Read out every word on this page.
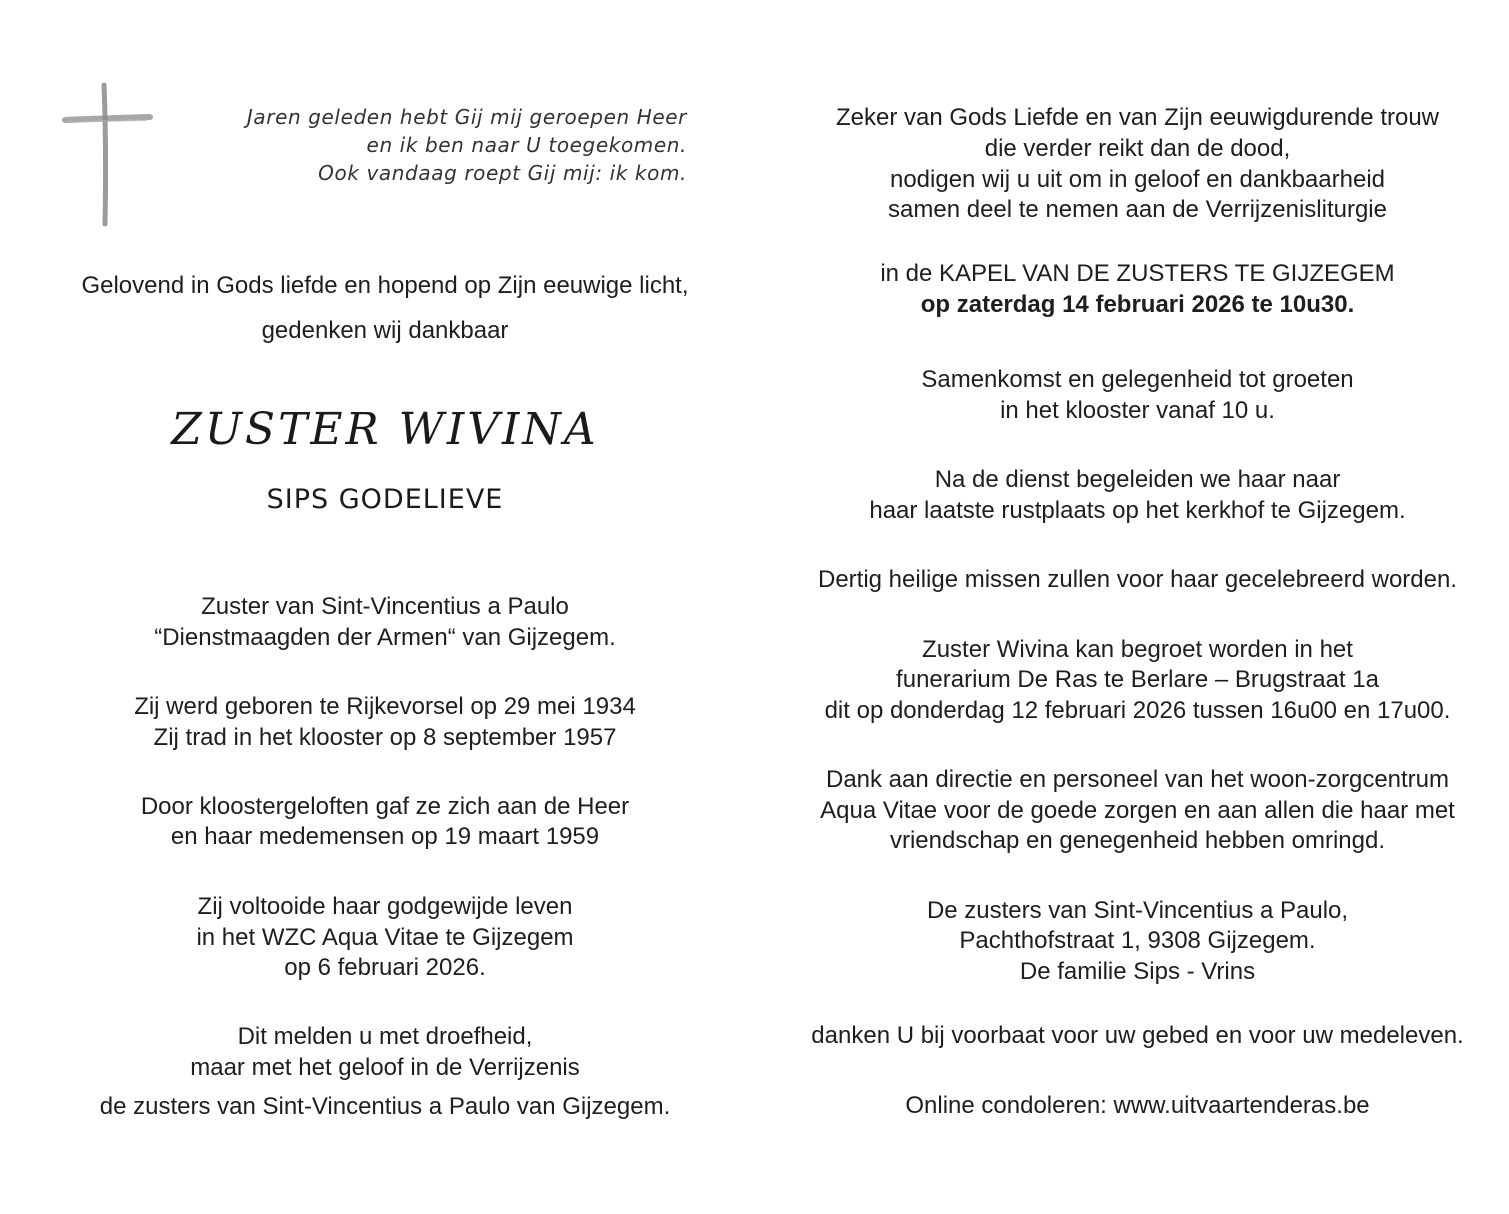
Jaren geleden hebt Gij mij geroepen Heer
en ik ben naar U toegekomen.
Ook vandaag roept Gij mij: ik kom.
Gelovend in Gods liefde en hopend op Zijn eeuwige licht,
gedenken wij dankbaar
ZUSTER WIVINA
SIPS GODELIEVE
Zuster van Sint-Vincentius a Paulo
“Dienstmaagden der Armen“ van Gijzegem.
Zij werd geboren te Rijkevorsel op 29 mei 1934
Zij trad in het klooster op 8 september 1957
Door kloostergeloften gaf ze zich aan de Heer
en haar medemensen op 19 maart 1959
Zij voltooide haar godgewijde leven
in het WZC Aqua Vitae te Gijzegem
op 6 februari 2026.
Dit melden u met droefheid,
maar met het geloof in de Verrijzenis
de zusters van Sint-Vincentius a Paulo van Gijzegem.
Zeker van Gods Liefde en van Zijn eeuwigdurende trouw
die verder reikt dan de dood,
nodigen wij u uit om in geloof en dankbaarheid
samen deel te nemen aan de Verrijzenisliturgie
in de KAPEL VAN DE ZUSTERS TE GIJZEGEM
op zaterdag 14 februari 2026 te 10u30.
Samenkomst en gelegenheid tot groeten
in het klooster vanaf 10 u.
Na de dienst begeleiden we haar naar
haar laatste rustplaats op het kerkhof te Gijzegem.
Dertig heilige missen zullen voor haar gecelebreerd worden.
Zuster Wivina kan begroet worden in het
funerarium De Ras te Berlare – Brugstraat 1a
dit op donderdag 12 februari 2026 tussen 16u00 en 17u00.
Dank aan directie en personeel van het woon-zorgcentrum
Aqua Vitae voor de goede zorgen en aan allen die haar met
vriendschap en genegenheid hebben omringd.
De zusters van Sint-Vincentius a Paulo,
Pachthofstraat 1, 9308 Gijzegem.
De familie Sips - Vrins
danken U bij voorbaat voor uw gebed en voor uw medeleven.
Online condoleren: www.uitvaartenderas.be
